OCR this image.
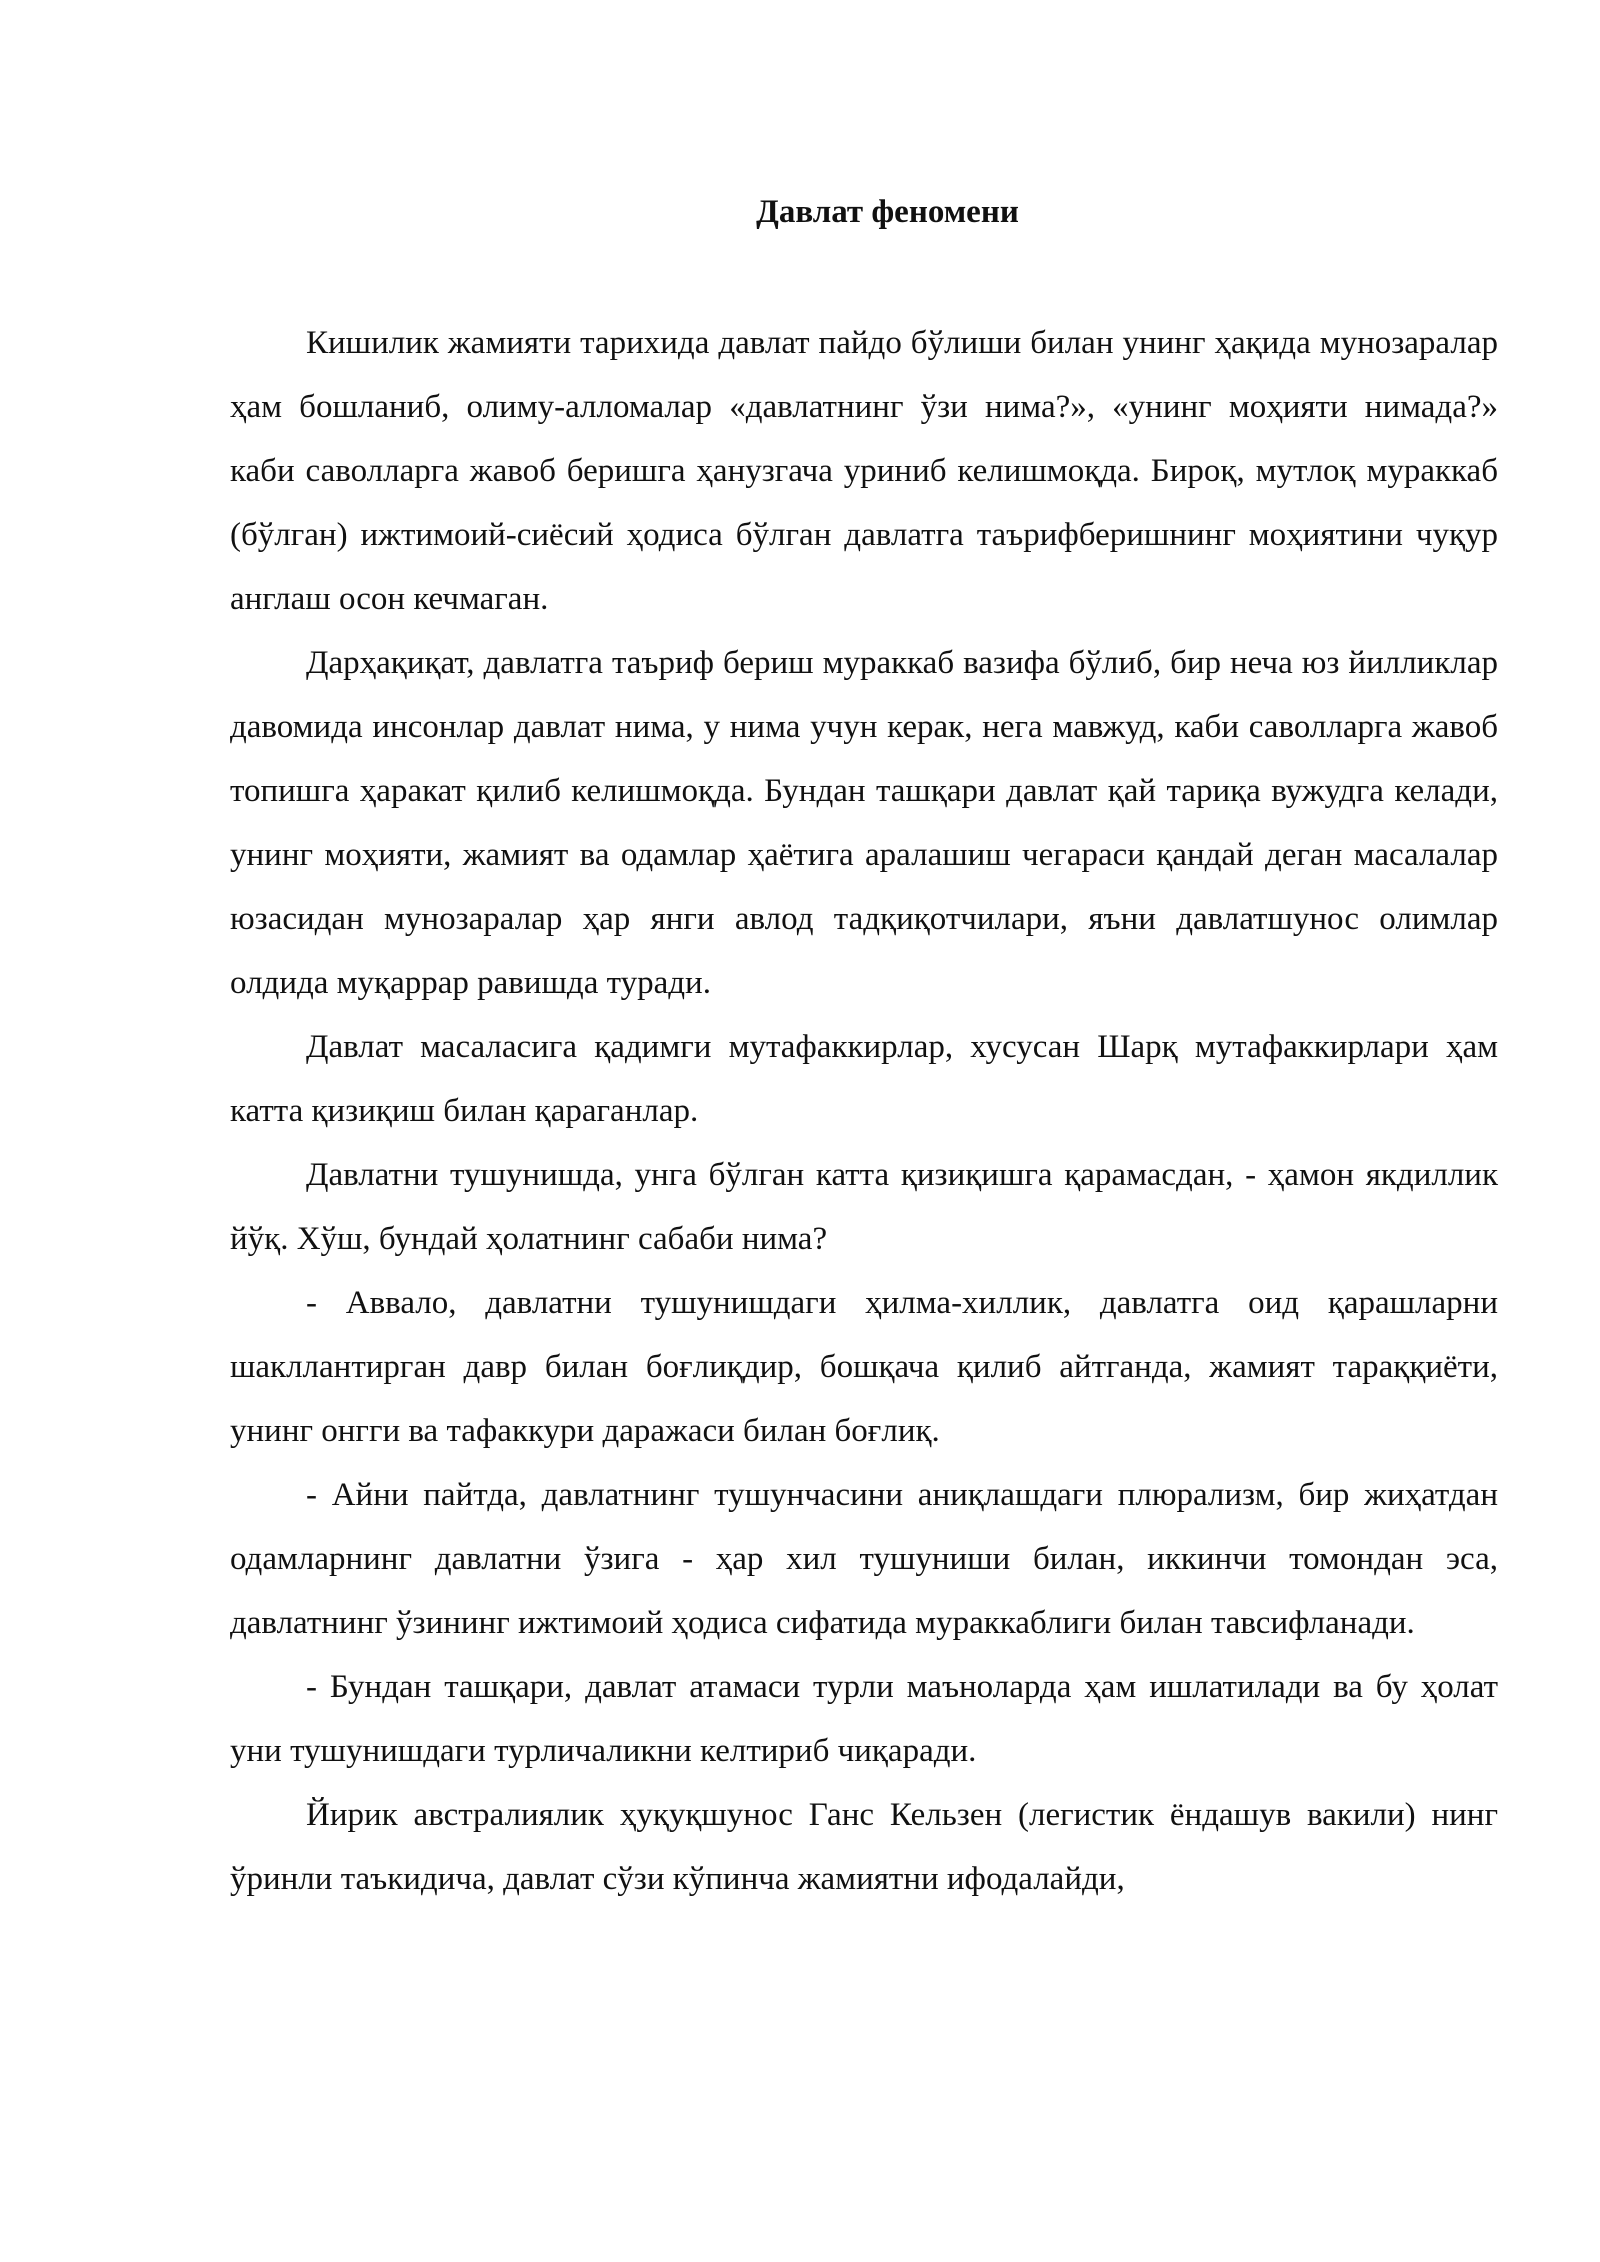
Давлат феномени

Кишилик жамияти тарихида давлат пайдо бўлиши билан унинг ҳақида мунозаралар ҳам бошланиб, олиму-алломалар «давлатнинг ўзи нима?», «унинг моҳияти нимада?» каби саволларга жавоб беришга ҳанузгача уриниб келишмоқда. Бироқ, мутлоқ мураккаб (бўлган) ижтимоий-сиёсий ҳодиса бўлган давлатга таърифберишнинг моҳиятини чуқур англаш осон кечмаган.

Дарҳақиқат, давлатга таъриф бериш мураккаб вазифа бўлиб, бир неча юз йилликлар давомида инсонлар давлат нима, у нима учун керак, нега мавжуд, каби саволларга жавоб топишга ҳаракат қилиб келишмоқда. Бундан ташқари давлат қай тариқа вужудга келади, унинг моҳияти, жамият ва одамлар ҳаётига аралашиш чегараси қандай деган масалалар юзасидан мунозаралар ҳар янги авлод тадқиқотчилари, яъни давлатшунос олимлар олдида муқаррар равишда туради.

Давлат масаласига қадимги мутафаккирлар, хусусан Шарқ мутафаккирлари ҳам катта қизиқиш билан қараганлар.

Давлатни тушунишда, унга бўлган катта қизиқишга қарамасдан, - ҳамон якдиллик йўқ. Хўш, бундай ҳолатнинг сабаби нима?

- Аввало, давлатни тушунишдаги ҳилма-хиллик, давлатга оид қарашларни шакллантирган давр билан боғлиқдир, бошқача қилиб айтганда, жамият тараққиёти, унинг онгги ва тафаккури даражаси билан боғлиқ.

- Айни пайтда, давлатнинг тушунчасини аниқлашдаги плюрализм, бир жиҳатдан одамларнинг давлатни ўзига - ҳар хил тушуниши билан, иккинчи томондан эса, давлатнинг ўзининг ижтимоий ҳодиса сифатида мураккаблиги билан тавсифланади.

- Бундан ташқари, давлат атамаси турли маъноларда ҳам ишлатилади ва бу ҳолат уни тушунишдаги турличаликни келтириб чиқаради.

Йирик австралиялик ҳуқуқшунос Ганс Кельзен (легистик ёндашув вакили) нинг ўринли таъкидича, давлат сўзи кўпинча жамиятни ифодалайди,
